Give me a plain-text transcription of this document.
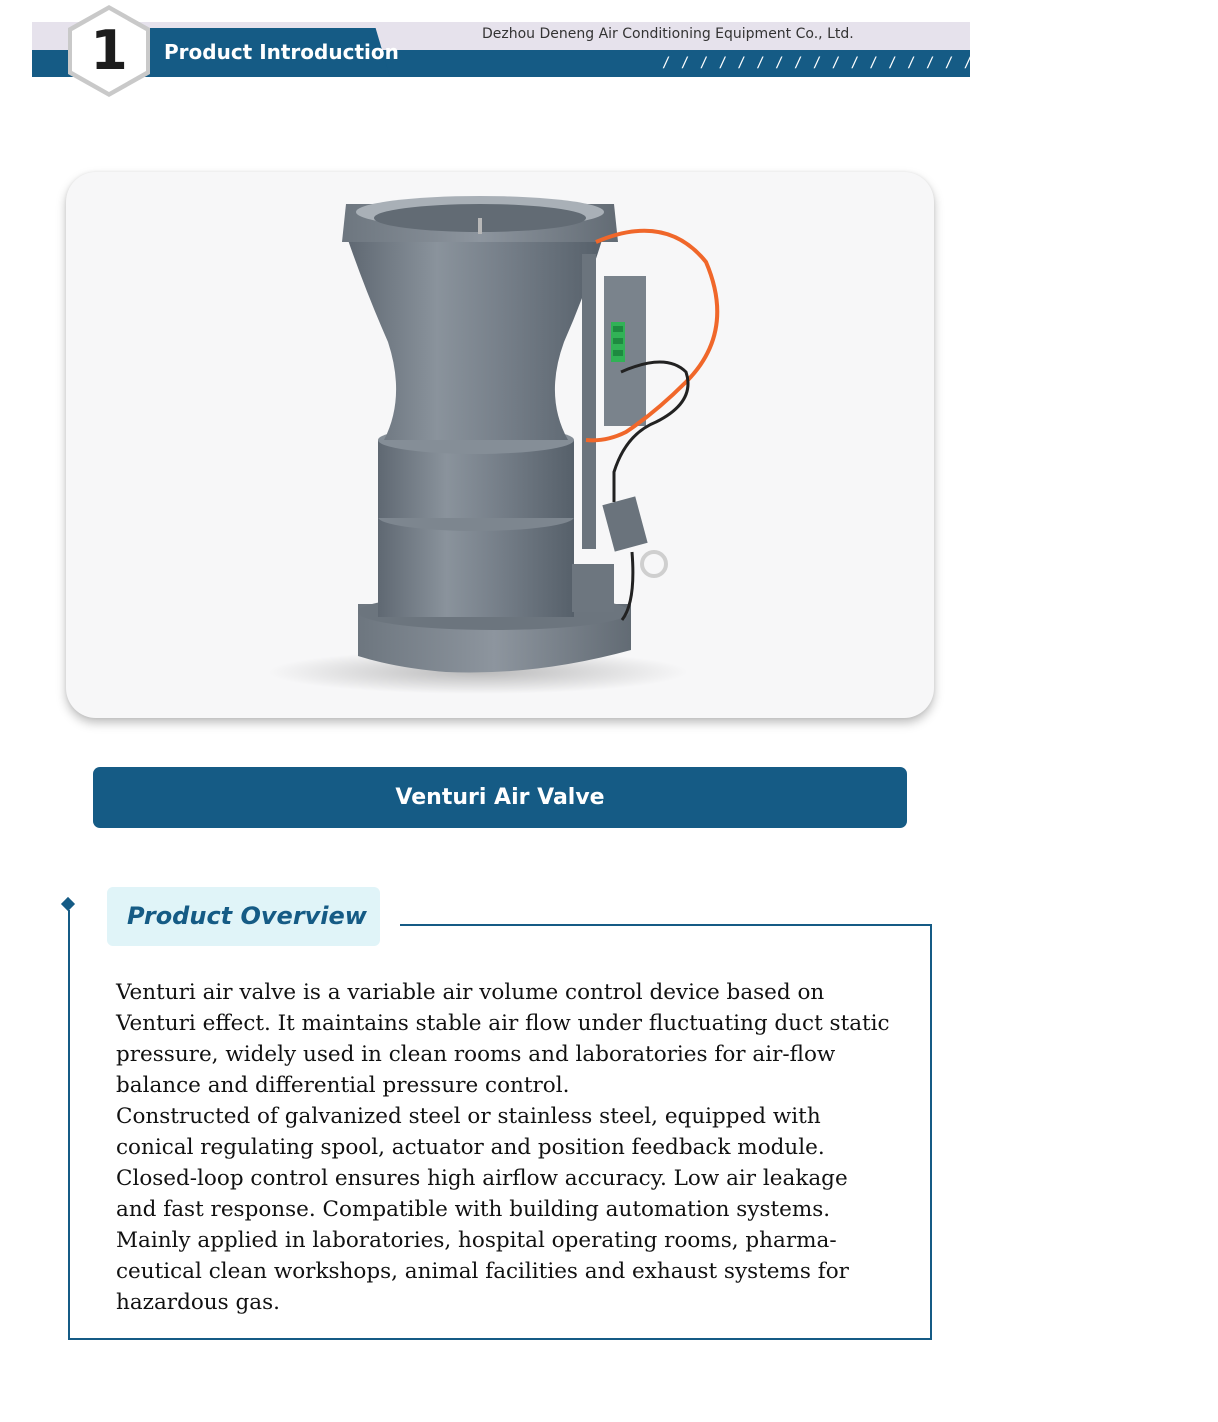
Product Introduction
Dezhou Deneng Air Conditioning Equipment Co., Ltd.
/ / / / / / / / / / / / / / / / / / / / / / / / / / / / / /
1
Venturi Air Valve
Product Overview

Venturi air valve is a variable air volume control device based on Venturi effect. It maintains stable air flow under fluctuating duct static pressure, widely used in clean rooms and laboratories for air-flow balance and differential pressure control.

Constructed of galvanized steel or stainless steel, equipped with conical regulating spool, actuator and position feedback module. Closed-loop control ensures high airflow accuracy. Low air leakage and fast response. Compatible with building automation systems.

Mainly applied in laboratories, hospital operating rooms, pharma-ceutical clean workshops, animal facilities and exhaust systems for hazardous gas.
